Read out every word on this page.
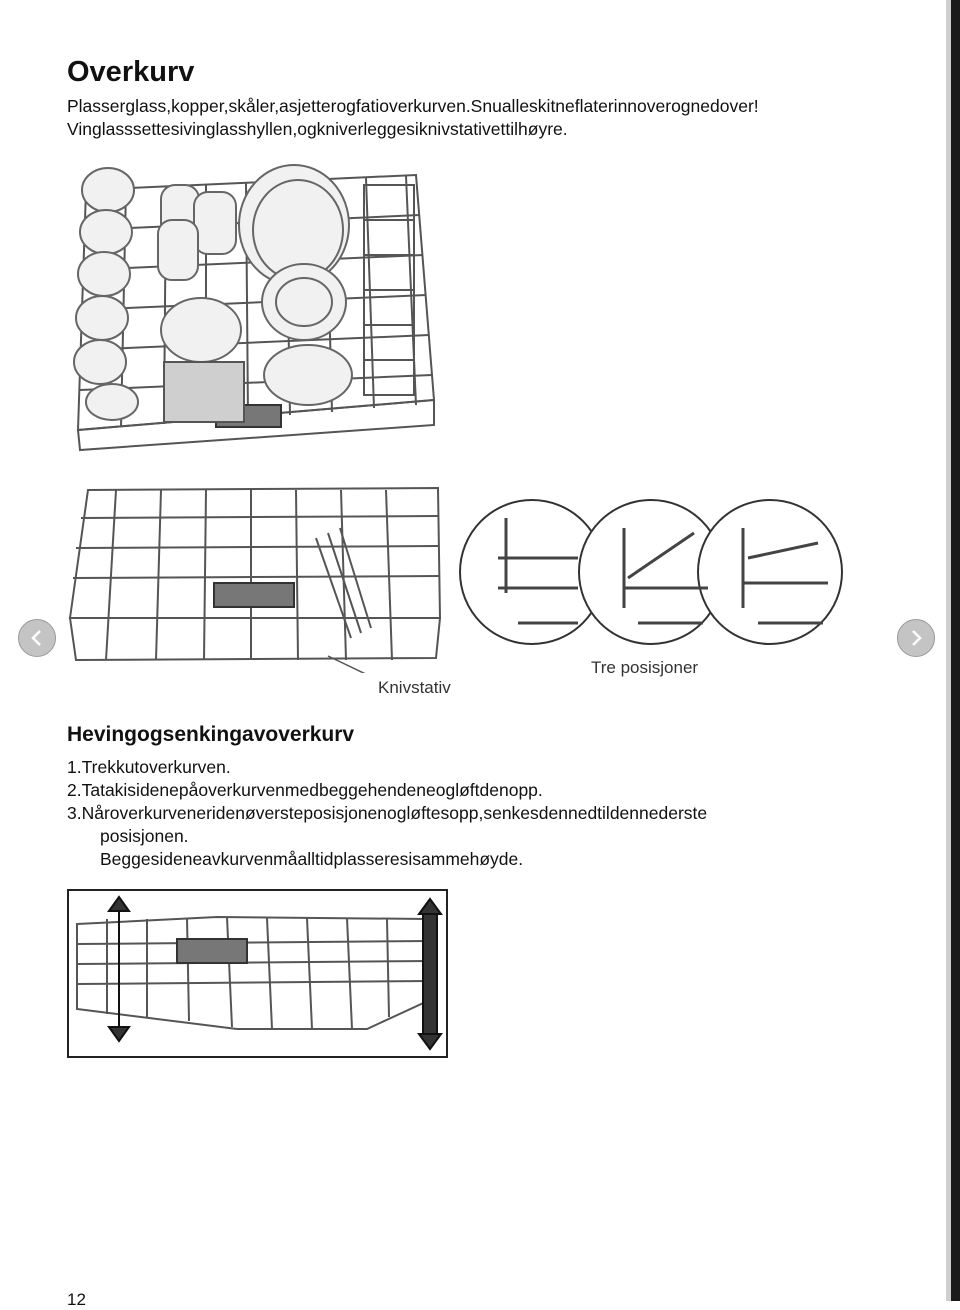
Overkurv

Plasserglass,kopper,skåler,asjetterogfatioverkurven.Snualleskitneflaterinnoverognedover!
Vinglasssettesivinglasshyllen,ogkniverleggesiknivstativettilhøyre.

Knivstativ
Tre posisjoner
Hevingogsenkingavoverkurv
1.Trekkutoverkurven.
2.Tatakisidenepåoverkurvenmedbeggehendeneogløftdenopp.
3.Nåroverkurveneridenøversteposisjonenogløftesopp,senkesdennedtildennederste
posisjonen.
Beggesideneavkurvenmåalltidplasseresisammehøyde.
12
